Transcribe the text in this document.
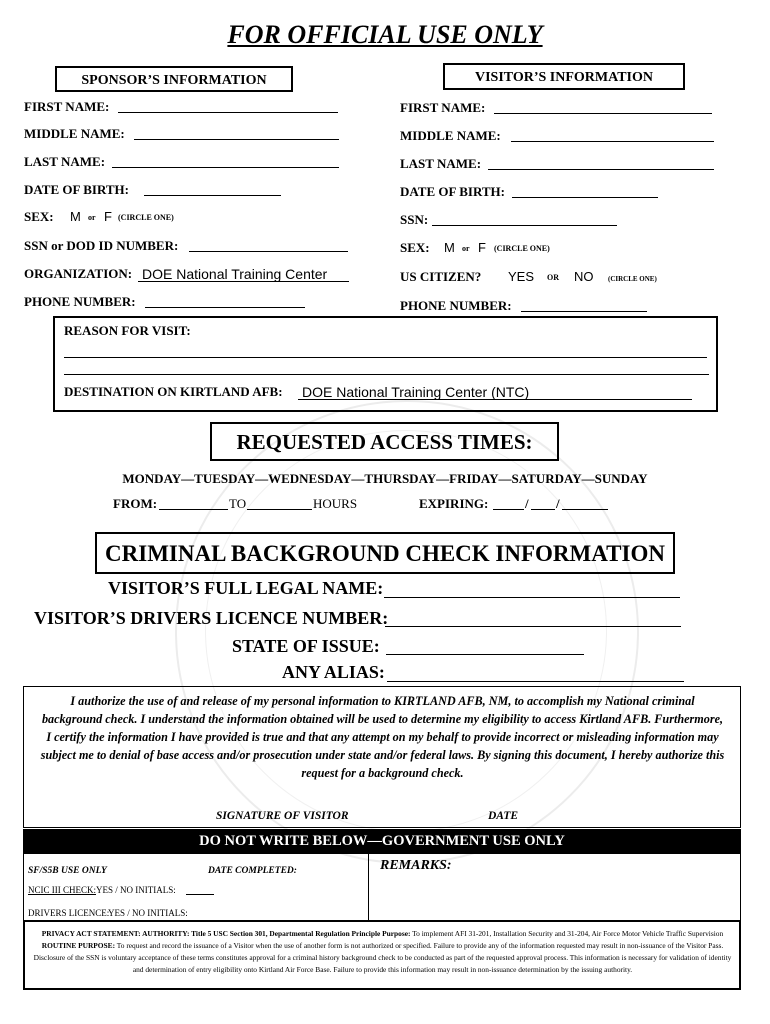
FOR OFFICIAL USE ONLY
SPONSOR’S INFORMATION	VISITOR’S INFORMATION
FIRST NAME:
MIDDLE NAME:
LAST NAME:
DATE OF BIRTH:
SEX: M or F (CIRCLE ONE)
SSN or DOD ID NUMBER:
ORGANIZATION: DOE National Training Center
PHONE NUMBER:
FIRST NAME:
MIDDLE NAME:
LAST NAME:
DATE OF BIRTH:
SSN:
SEX: M or F (CIRCLE ONE)
US CITIZEN? YES OR NO (CIRCLE ONE)
PHONE NUMBER:
REASON FOR VISIT:
DESTINATION ON KIRTLAND AFB: DOE National Training Center (NTC)
REQUESTED ACCESS TIMES:
MONDAY—TUESDAY—WEDNESDAY—THURSDAY—FRIDAY—SATURDAY—SUNDAY
FROM:	TO	HOURS	EXPIRING:	/ /
CRIMINAL BACKGROUND CHECK INFORMATION
VISITOR’S FULL LEGAL NAME:
VISITOR’S DRIVERS LICENCE NUMBER:
STATE OF ISSUE:
ANY ALIAS:
I authorize the use of and release of my personal information to KIRTLAND AFB, NM, to accomplish my National criminal background check. I understand the information obtained will be used to determine my eligibility to access Kirtland AFB. Furthermore, I certify the information I have provided is true and that any attempt on my behalf to provide incorrect or misleading information may subject me to denial of base access and/or prosecution under state and/or federal laws. By signing this document, I hereby authorize this request for a background check.
SIGNATURE OF VISITOR	DATE
DO NOT WRITE BELOW—GOVERNMENT USE ONLY
SF/S5B USE ONLY	DATE COMPLETED:
NCIC III CHECK: YES / NO INITIALS:
DRIVERS LICENCE:
YES / NO INITIALS:
REMARKS:
PRIVACY ACT STATEMENT: AUTHORITY: Title 5 USC Section 301, Departmental Regulation Principle Purpose: To implement AFI 31-201, Installation Security and 31-204, Air Force Motor Vehicle Traffic Supervision ROUTINE PURPOSE: To request and record the issuance of a Visitor when the use of another form is not authorized or specified. Failure to provide any of the information requested may result in non-issuance of the Visitor Pass. Disclosure of the SSN is voluntary acceptance of these terms constitutes approval for a criminal history background check to be conducted as part of the requested approval process. This information is necessary for validation of identity and determination of entry eligibility onto Kirtland Air Force Base. Failure to provide this information may result in non-issuance determination by the issuing authority.
